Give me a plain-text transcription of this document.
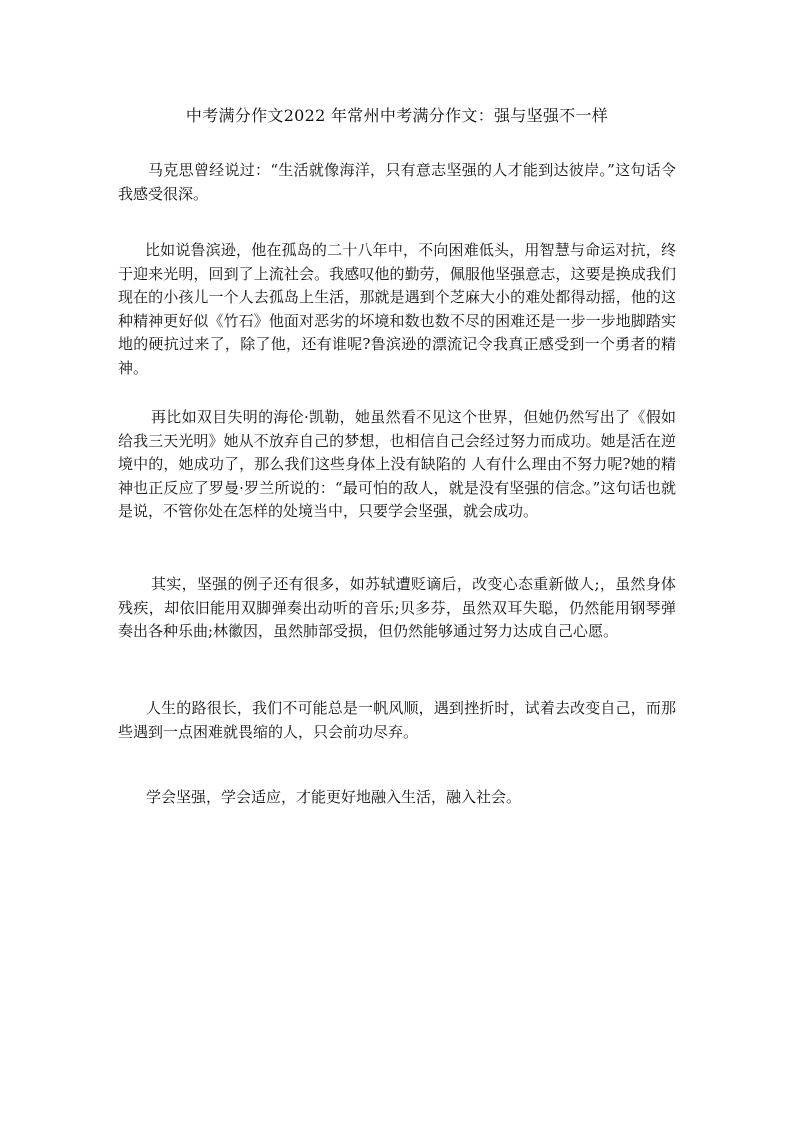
中考满分作文2022 年常州中考满分作文：强与坚强不一样
马克思曾经说过：“生活就像海洋，只有意志坚强的人才能到达彼岸。”这句话令我感受很深。
比如说鲁滨逊，他在孤岛的二十八年中，不向困难低头，用智慧与命运对抗，终于迎来光明，回到了上流社会。我感叹他的勤劳，佩服他坚强意志，这要是换成我们现在的小孩儿一个人去孤岛上生活，那就是遇到个芝麻大小的难处都得动摇，他的这种精神更好似《竹石》他面对恶劣的坏境和数也数不尽的困难还是一步一步地脚踏实地的硬抗过来了，除了他，还有谁呢?鲁滨逊的漂流记令我真正感受到一个勇者的精神。
再比如双目失明的海伦·凯勒，她虽然看不见这个世界，但她仍然写出了《假如给我三天光明》她从不放弃自己的梦想，也相信自己会经过努力而成功。她是活在逆境中的，她成功了，那么我们这些身体上没有缺陷的 人有什么理由不努力呢?她的精神也正反应了罗曼·罗兰所说的：“最可怕的敌人，就是没有坚强的信念。”这句话也就是说，不管你处在怎样的处境当中，只要学会坚强，就会成功。
其实，坚强的例子还有很多，如苏轼遭贬谪后，改变心态重新做人;，虽然身体残疾，却依旧能用双脚弹奏出动听的音乐;贝多芬，虽然双耳失聪，仍然能用钢琴弹奏出各种乐曲;林徽因，虽然肺部受损，但仍然能够通过努力达成自己心愿。
人生的路很长，我们不可能总是一帆风顺，遇到挫折时，试着去改变自己，而那些遇到一点困难就畏缩的人，只会前功尽弃。
学会坚强，学会适应，才能更好地融入生活，融入社会。
